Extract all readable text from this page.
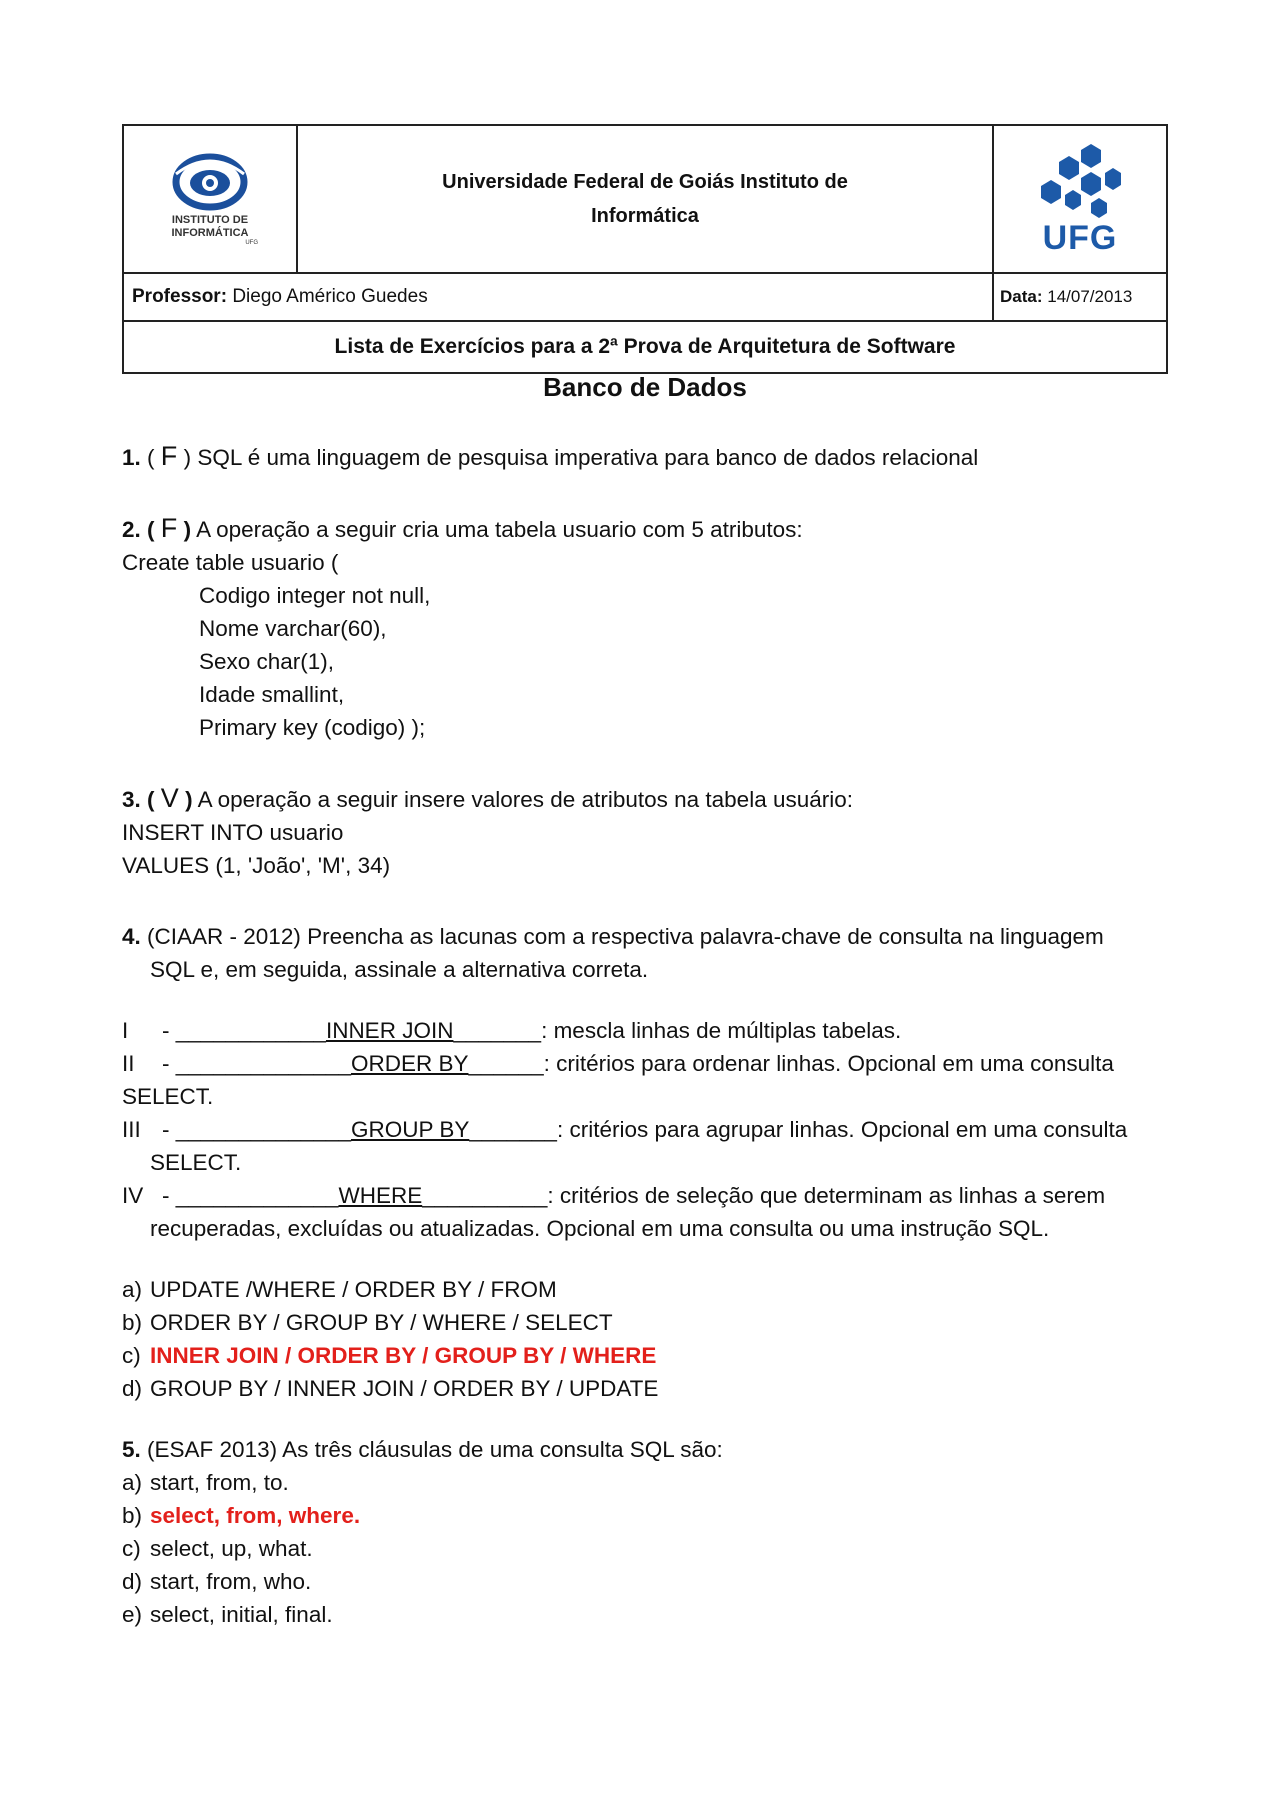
INSTITUTO DE INFORMÁTICA
UFG
Universidade Federal de Goiás Instituto de
Informática
UFG
Professor:
Diego Américo Guedes	Data:
14/07/2013
Lista de Exercícios para a 2ª Prova de Arquitetura de Software
Banco de Dados
1. ( F ) SQL é uma linguagem de pesquisa imperativa para banco de dados relacional
2. ( F ) A operação a seguir cria uma tabela usuario com 5 atributos:
Create table usuario (
Codigo integer not null,
Nome varchar(60),
Sexo char(1),
Idade smallint,
Primary key (codigo) );
3. ( V ) A operação a seguir insere valores de atributos na tabela usuário:
INSERT INTO usuario
VALUES (1, 'João', 'M', 34)
4. (CIAAR - 2012) Preencha as lacunas com a respectiva palavra-chave de consulta na linguagem
SQL e, em seguida, assinale a alternativa correta.
I - ____________INNER JOIN_______: mescla linhas de múltiplas tabelas.
II - ______________ORDER BY______: critérios para ordenar linhas. Opcional em uma consulta
SELECT.
III - ______________GROUP BY_______: critérios para agrupar linhas. Opcional em uma consulta
SELECT.
IV - _____________WHERE__________: critérios de seleção que determinam as linhas a serem
recuperadas, excluídas ou atualizadas. Opcional em uma consulta ou uma instrução SQL.
a) UPDATE /WHERE / ORDER BY / FROM
b) ORDER BY / GROUP BY / WHERE / SELECT
c) INNER JOIN / ORDER BY / GROUP BY / WHERE
d) GROUP BY / INNER JOIN / ORDER BY / UPDATE
5. (ESAF 2013) As três cláusulas de uma consulta SQL são:
a) start, from, to.
b) select, from, where.
c) select, up, what.
d) start, from, who.
e) select, initial, final.
